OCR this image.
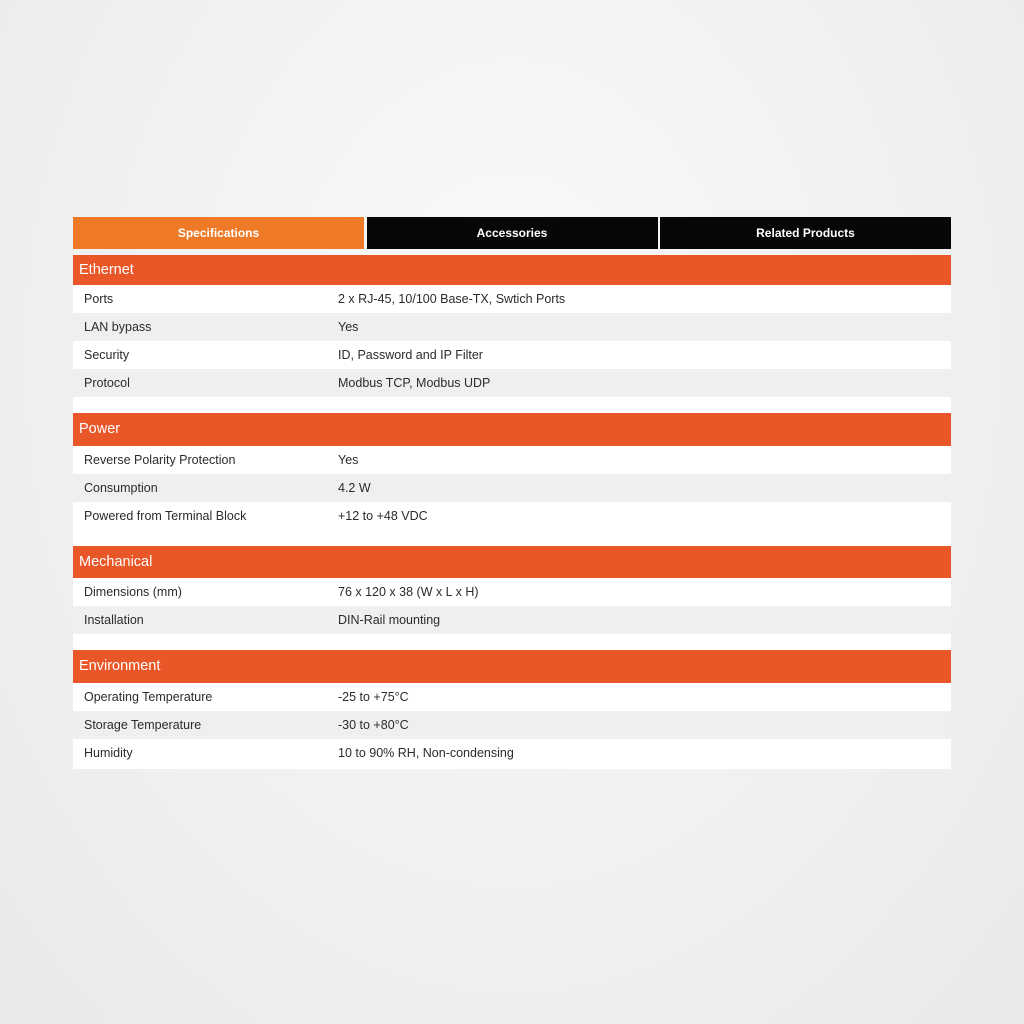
Specifications	Accessories	Related Products
Ethernet
Ports	2 x RJ-45, 10/100 Base-TX, Swtich Ports
LAN bypass	Yes
Security	ID, Password and IP Filter
Protocol	Modbus TCP, Modbus UDP
Power
Reverse Polarity Protection	Yes
Consumption	4.2 W
Powered from Terminal Block	+12 to +48 VDC
Mechanical
Dimensions (mm)	76 x 120 x 38 (W x L x H)
Installation	DIN-Rail mounting
Environment
Operating Temperature	-25 to +75°C
Storage Temperature	-30 to +80°C
Humidity	10 to 90% RH, Non-condensing
